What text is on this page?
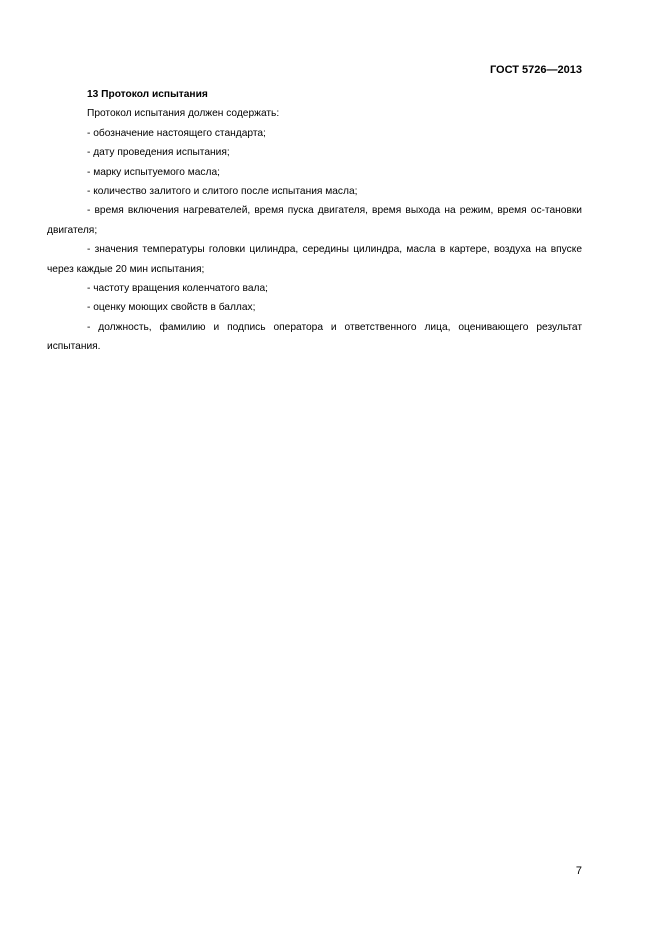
ГОСТ 5726—2013

13 Протокол испытания

Протокол испытания должен содержать:

- обозначение настоящего стандарта;

- дату проведения испытания;

- марку испытуемого масла;

- количество залитого и слитого после испытания масла;

- время включения нагревателей, время пуска двигателя, время выхода на режим, время ос-тановки двигателя;

- значения температуры головки цилиндра, середины цилиндра, масла в картере, воздуха на впуске через каждые 20 мин испытания;

- частоту вращения коленчатого вала;

- оценку моющих свойств в баллах;

- должность, фамилию и подпись оператора и ответственного лица, оценивающего результат испытания.

7
